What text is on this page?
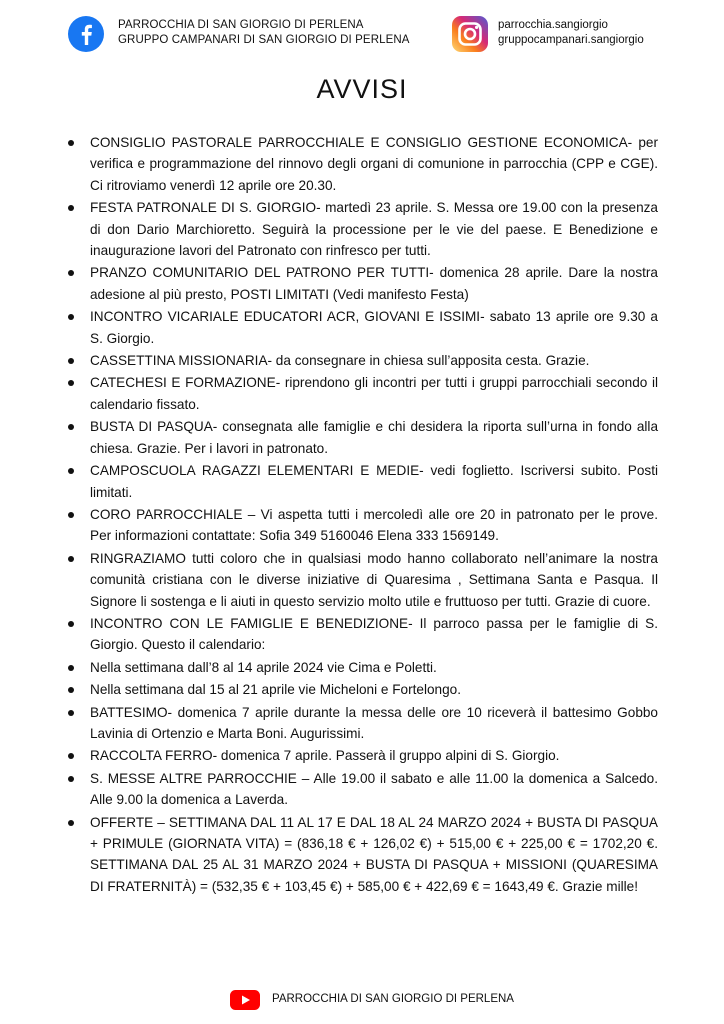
PARROCCHIA DI SAN GIORGIO DI PERLENA
GRUPPO CAMPANARI DI SAN GIORGIO DI PERLENA
parrocchia.sangiorgio
gruppocampanari.sangiorgio
AVVISI
CONSIGLIO PASTORALE PARROCCHIALE E CONSIGLIO GESTIONE ECONOMICA- per verifica e programmazione del rinnovo degli organi di comunione in parrocchia (CPP e CGE). Ci ritroviamo venerdì 12 aprile ore 20.30.
FESTA PATRONALE DI S. GIORGIO- martedì 23 aprile. S. Messa ore 19.00 con la presenza di don Dario Marchioretto. Seguirà la processione per le vie del paese. E Benedizione e inaugurazione lavori del Patronato con rinfresco per tutti.
PRANZO COMUNITARIO DEL PATRONO PER TUTTI- domenica 28 aprile. Dare la nostra adesione al più presto, POSTI LIMITATI (Vedi manifesto Festa)
INCONTRO VICARIALE EDUCATORI ACR, GIOVANI E ISSIMI- sabato 13 aprile ore 9.30 a S. Giorgio.
CASSETTINA MISSIONARIA- da consegnare in chiesa sull’apposita cesta. Grazie.
CATECHESI E FORMAZIONE- riprendono gli incontri per tutti i gruppi parrocchiali secondo il calendario fissato.
BUSTA DI PASQUA- consegnata alle famiglie e chi desidera la riporta sull’urna in fondo alla chiesa. Grazie. Per i lavori in patronato.
CAMPOSCUOLA RAGAZZI ELEMENTARI E MEDIE- vedi foglietto. Iscriversi subito. Posti limitati.
CORO PARROCCHIALE – Vi aspetta tutti i mercoledì alle ore 20 in patronato per le prove. Per informazioni contattate: Sofia 349 5160046 Elena 333 1569149.
RINGRAZIAMO tutti coloro che in qualsiasi modo hanno collaborato nell’animare la nostra comunità cristiana con le diverse iniziative di Quaresima , Settimana Santa e Pasqua. Il Signore li sostenga e li aiuti in questo servizio molto utile e fruttuoso per tutti. Grazie di cuore.
INCONTRO CON LE FAMIGLIE E BENEDIZIONE- Il parroco passa per le famiglie di S. Giorgio. Questo il calendario:
Nella settimana dall’8 al 14 aprile 2024 vie Cima e Poletti.
Nella settimana dal 15 al 21 aprile vie Micheloni e Fortelongo.
BATTESIMO- domenica 7 aprile durante la messa delle ore 10 riceverà il battesimo Gobbo Lavinia di Ortenzio e Marta Boni. Augurissimi.
RACCOLTA FERRO- domenica 7 aprile. Passerà il gruppo alpini di S. Giorgio.
S. MESSE ALTRE PARROCCHIE – Alle 19.00 il sabato e alle 11.00 la domenica a Salcedo. Alle 9.00 la domenica a Laverda.
OFFERTE – SETTIMANA DAL 11 AL 17 E DAL 18 AL 24 MARZO 2024 + BUSTA DI PASQUA + PRIMULE (GIORNATA VITA) = (836,18 € + 126,02 €) + 515,00 € + 225,00 € = 1702,20 €. SETTIMANA DAL 25 AL 31 MARZO 2024 + BUSTA DI PASQUA + MISSIONI (QUARESIMA DI FRATERNITÀ) = (532,35 € + 103,45 €) + 585,00 € + 422,69 € = 1643,49 €. Grazie mille!
PARROCCHIA DI SAN GIORGIO DI PERLENA
